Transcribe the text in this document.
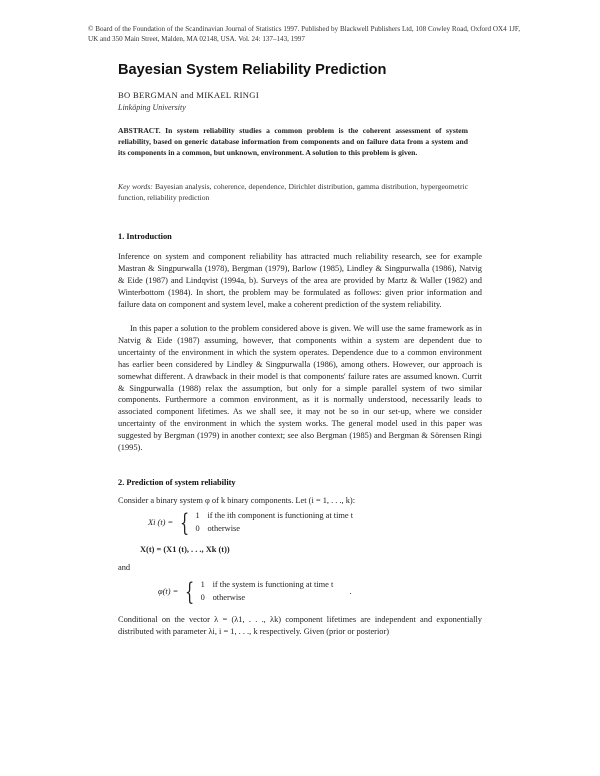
© Board of the Foundation of the Scandinavian Journal of Statistics 1997. Published by Blackwell Publishers Ltd, 108 Cowley Road, Oxford OX4 1JF, UK and 350 Main Street, Malden, MA 02148, USA. Vol. 24: 137–143, 1997
Bayesian System Reliability Prediction
BO BERGMAN and MIKAEL RINGI
Linköping University
ABSTRACT. In system reliability studies a common problem is the coherent assessment of system reliability, based on generic database information from components and on failure data from a system and its components in a common, but unknown, environment. A solution to this problem is given.
Key words: Bayesian analysis, coherence, dependence, Dirichlet distribution, gamma distribution, hypergeometric function, reliability prediction
1. Introduction

Inference on system and component reliability has attracted much reliability research, see for example Mastran & Singpurwalla (1978), Bergman (1979), Barlow (1985), Lindley & Singpurwalla (1986), Natvig & Eide (1987) and Lindqvist (1994a, b). Surveys of the area are provided by Martz & Waller (1982) and Winterbottom (1984). In short, the problem may be formulated as follows: given prior information and failure data on component and system level, make a coherent prediction of the system reliability.

In this paper a solution to the problem considered above is given. We will use the same framework as in Natvig & Eide (1987) assuming, however, that components within a system are dependent due to uncertainty of the environment in which the system operates. Dependence due to a common environment has earlier been considered by Lindley & Singpurwalla (1986), among others. However, our approach is somewhat different. A drawback in their model is that components' failure rates are assumed known. Currit & Singpurwalla (1988) relax the assumption, but only for a simple parallel system of two similar components. Furthermore a common environment, as it is normally understood, necessarily leads to associated component lifetimes. As we shall see, it may not be so in our set-up, where we consider uncertainty of the environment in which the system works. The general model used in this paper was suggested by Bergman (1979) in another context; see also Bergman (1985) and Bergman & Sörensen Ringi (1995).

2. Prediction of system reliability

Consider a binary system φ of k binary components. Let (i = 1, . . ., k):

Xi (t) = { 1 if the ith component is functioning at time t
0 otherwise
X(t) = (X1 (t), . . ., Xk (t))
and
φ(t) = { 1 if the system is functioning at time t
0 otherwise
.

Conditional on the vector λ = (λ1, . . ., λk) component lifetimes are independent and exponentially distributed with parameter λi, i = 1, . . ., k respectively. Given (prior or posterior)
